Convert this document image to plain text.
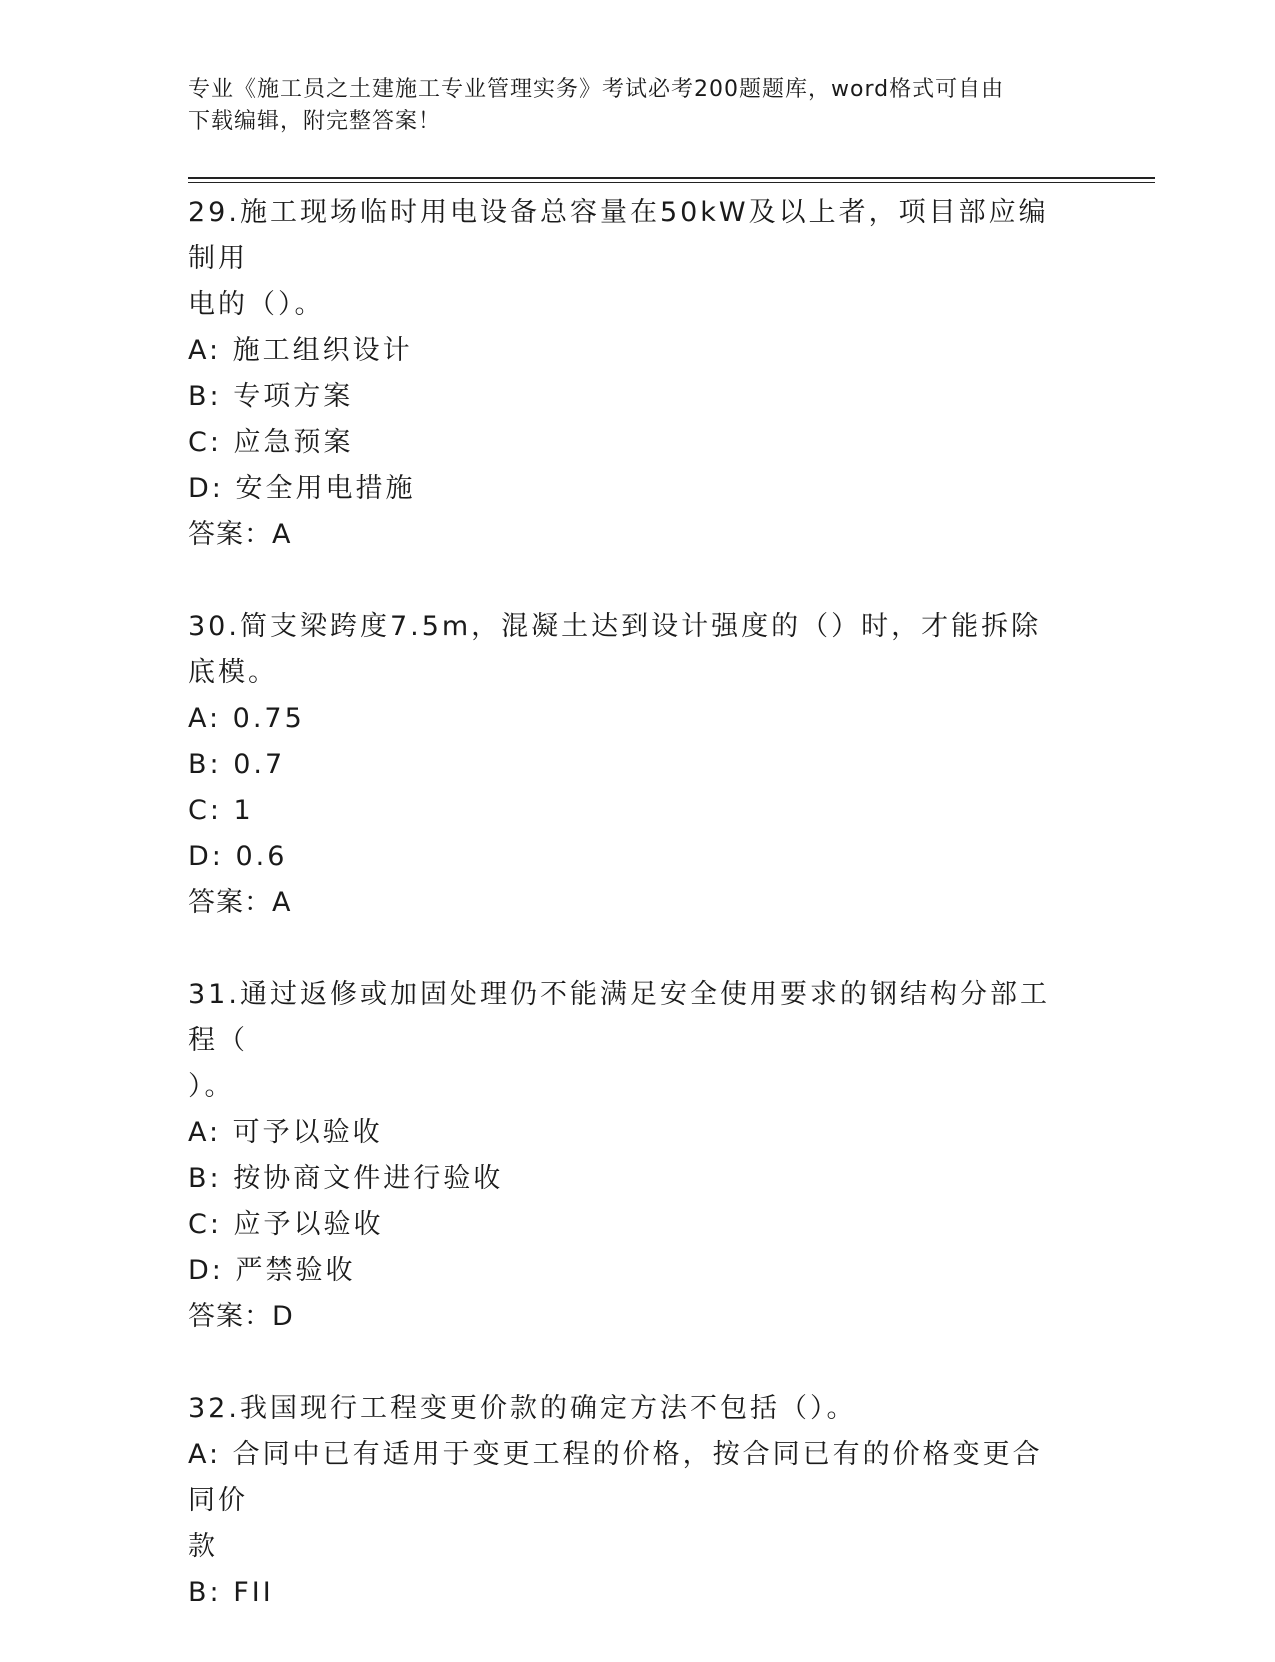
专业《施工员之土建施工专业管理实务》考试必考200题题库，word格式可自由
下载编辑，附完整答案！
29.施工现场临时用电设备总容量在50kW及以上者，项目部应编制用
电的（）。
A: 施工组织设计
B: 专项方案
C: 应急预案
D: 安全用电措施
答案：A
30.简支梁跨度7.5m，混凝土达到设计强度的（）时，才能拆除底模。
A: 0.75
B: 0.7
C: 1
D: 0.6
答案：A
31.通过返修或加固处理仍不能满足安全使用要求的钢结构分部工程（
）。
A: 可予以验收
B: 按协商文件进行验收
C: 应予以验收
D: 严禁验收
答案：D
32.我国现行工程变更价款的确定方法不包括（）。
A: 合同中已有适用于变更工程的价格，按合同已有的价格变更合同价
款
B: FII
